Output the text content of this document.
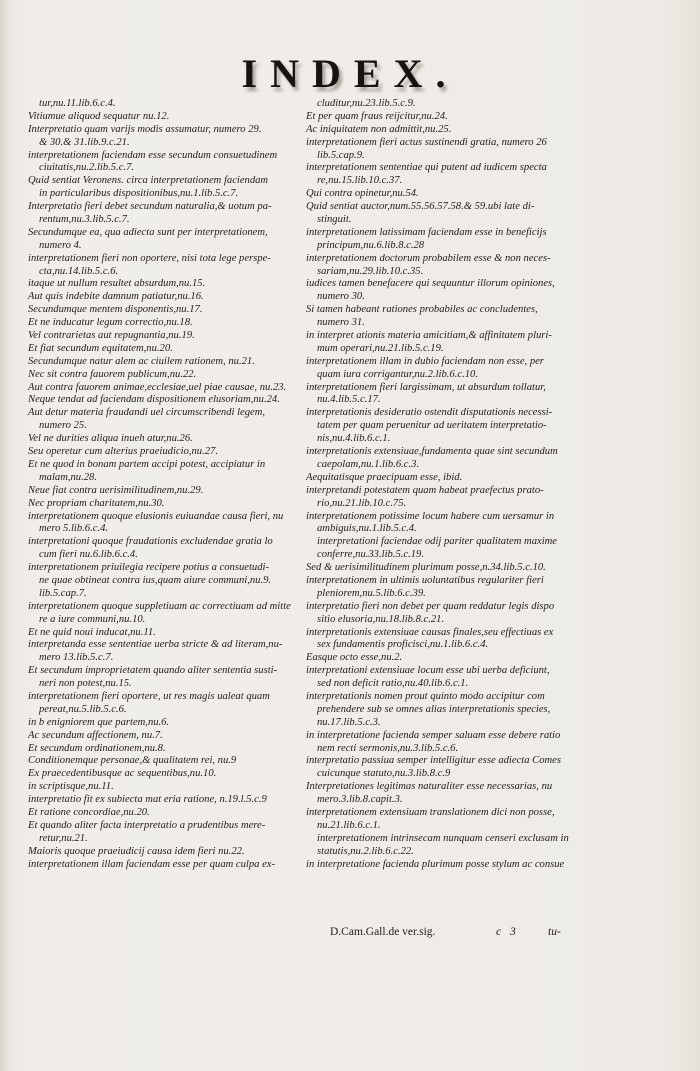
INDEX.
tur,nu.11.lib.6.c.4.
Vitiumue aliquod sequatur nu.12.
Interpretatio quam varijs modis assumatur, numero 29.
& 30.& 31.lib.9.c.21.
interpretationem faciendam esse secundum consuetudinem
ciuitatis,nu.2.lib.5.c.7.
Quid sentiat Veronens. circa interpretationem faciendam
in particularibus dispositionibus,nu.1.lib.5.c.7.
Interpretatio fieri debet secundum naturalia,& uotum pa-
rentum,nu.3.lib.5.c.7.
Secundumque ea, qua adiecta sunt per interpretationem,
numero 4.
interpretationem fieri non oportere, nisi tota lege perspe-
cta,nu.14.lib.5.c.6.
itaque ut nullum resultet absurdum,nu.15.
Aut quis indebite damnum patiatur,nu.16.
Secundumque mentem disponentis,nu.17.
Et ne inducatur legum correctio,nu.18.
Vel contrarietas aut repugnantia,nu.19.
Et fiat secundum equitatem,nu.20.
Secundumque natur alem ac ciuilem rationem, nu.21.
Nec sit contra fauorem publicum,nu.22.
Aut contra fauorem animae,ecclesiae,uel piae causae, nu.23.
Neque tendat ad faciendam dispositionem elusoriam,nu.24.
Aut detur materia fraudandi uel circumscribendi legem,
numero 25.
Vel ne durities aliqua inueh atur,nu.26.
Seu operetur cum alterius praeiudicio,nu.27.
Et ne quod in bonam partem accipi potest, accipiatur in
malam,nu.28.
Neue fiat contra uerisimilitudinem,nu.29.
Nec propriam charitatem,nu.30.
interpretationem quoque elusionis euiuandae causa fieri, nu
mero 5.lib.6.c.4.
interpretationi quoque fraudationis excludendae gratia lo
cum fieri nu.6.lib.6.c.4.
interpretationem priuilegia recipere potius a consuetudi-
ne quae obtineat contra ius,quam aiure communi,nu.9.
lib.5.cap.7.
interpretationem quoque suppletiuam ac correctiuam ad mitte
re a iure communi,nu.10.
Et ne quid noui inducat,nu.11.
interpretanda esse sententiae uerba stricte & ad literam,nu-
mero 13.lib.5.c.7.
Et secundum improprietatem quando aliter sententia susti-
neri non potest,nu.15.
interpretationem fieri oportere, ut res magis ualeat quam
pereat,nu.5.lib.5.c.6.
in b enigniorem que partem,nu.6.
Ac secundum affectionem, nu.7.
Et secundum ordinationem,nu.8.
Conditionemque personae,& qualitatem rei, nu.9
Ex praecedentibusque ac sequentibus,nu.10.
in scriptisque,nu.11.
interpretatio fit ex subiecta mat eria ratione, n.19.l.5.c.9
Et ratione concordiae,nu.20.
Et quando aliter facta interpretatio a prudentibus mere-
retur,nu.21.
Maioris quoque praeiudicij causa idem fieri nu.22.
interpretationem illam faciendam esse per quam culpa ex-
cluditur,nu.23.lib.5.c.9.
Et per quam fraus reijcitur,nu.24.
Ac iniquitatem non admittit,nu.25.
interpretationem fieri actus sustinendi gratia, numero 26
lib.5.cap.9.
interpretationem sententiae qui putent ad iudicem specta
re,nu.15.lib.10.c.37.
Qui contra opinetur,nu.54.
Quid sentiat auctor,num.55.56.57.58.& 59.ubi late di-
stinguit.
interpretationem latissimam faciendam esse in beneficijs
principum,nu.6.lib.8.c.28
interpretationem doctorum probabilem esse & non neces-
sariam,nu.29.lib.10.c.35.
iudices tamen benefacere qui sequuntur illorum opiniones,
numero 30.
Si tamen habeant rationes probabiles ac concludentes,
numero 31.
in interpret ationis materia amicitiam,& affinitatem pluri-
mum operari,nu.21.lib.5.c.19.
interpretationem illam in dubio faciendam non esse, per
quam iura corrigantur,nu.2.lib.6.c.10.
interpretationem fieri largissimam, ut absurdum tollatur,
nu.4.lib.5.c.17.
interpretationis desideratio ostendit disputationis necessi-
tatem per quam peruenitur ad ueritatem interpretatio-
nis,nu.4.lib.6.c.1.
interpretationis extensiuae,fundamenta quae sint secundum
caepolam,nu.1.lib.6.c.3.
Aequitatisque praecipuam esse, ibid.
interpretandi potestatem quam habeat praefectus prato-
rio,nu.21.lib.10.c.75.
interpretationem potissime locum habere cum uersamur in
ambiguis,nu.1.lib.5.c.4.
interpretationi faciendae odij pariter qualitatem maxime
conferre,nu.33.lib.5.c.19.
Sed & uerisimilitudinem plurimum posse,n.34.lib.5.c.10.
interpretationem in ultimis uoluntatibus regulariter fieri
pleniorem,nu.5.lib.6.c.39.
interpretatio fieri non debet per quam reddatur legis dispo
sitio elusoria,nu.18.lib.8.c.21.
interpretationis extensiuae causas finales,seu effectiuas ex
sex fundamentis proficisci,nu.1.lib.6.c.4.
Easque octo esse,nu.2.
interpretationi extensiuae locum esse ubi uerba deficiunt,
sed non deficit ratio,nu.40.lib.6.c.1.
interpretationis nomen prout quinto modo accipitur com
prehendere sub se omnes alias interpretationis species,
nu.17.lib.5.c.3.
in interpretatione facienda semper saluam esse debere ratio
nem recti sermonis,nu.3.lib.5.c.6.
interpretatio passiua semper intelligitur esse adiecta Comes
cuicunque statuto,nu.3.lib.8.c.9
Interpretationes legitimas naturaliter esse necessarias, nu
mero.3.lib.8.capit.3.
interpretationem extensiuam translationem dici non posse,
nu.21.lib.6.c.1.
interpretationem intrinsecam nunquam censeri exclusam in
statutis,nu.2.lib.6.c.22.
in interpretatione facienda plurimum posse stylum ac consue
D.Cam.Gall.de ver.sig.	c 3	tu-
